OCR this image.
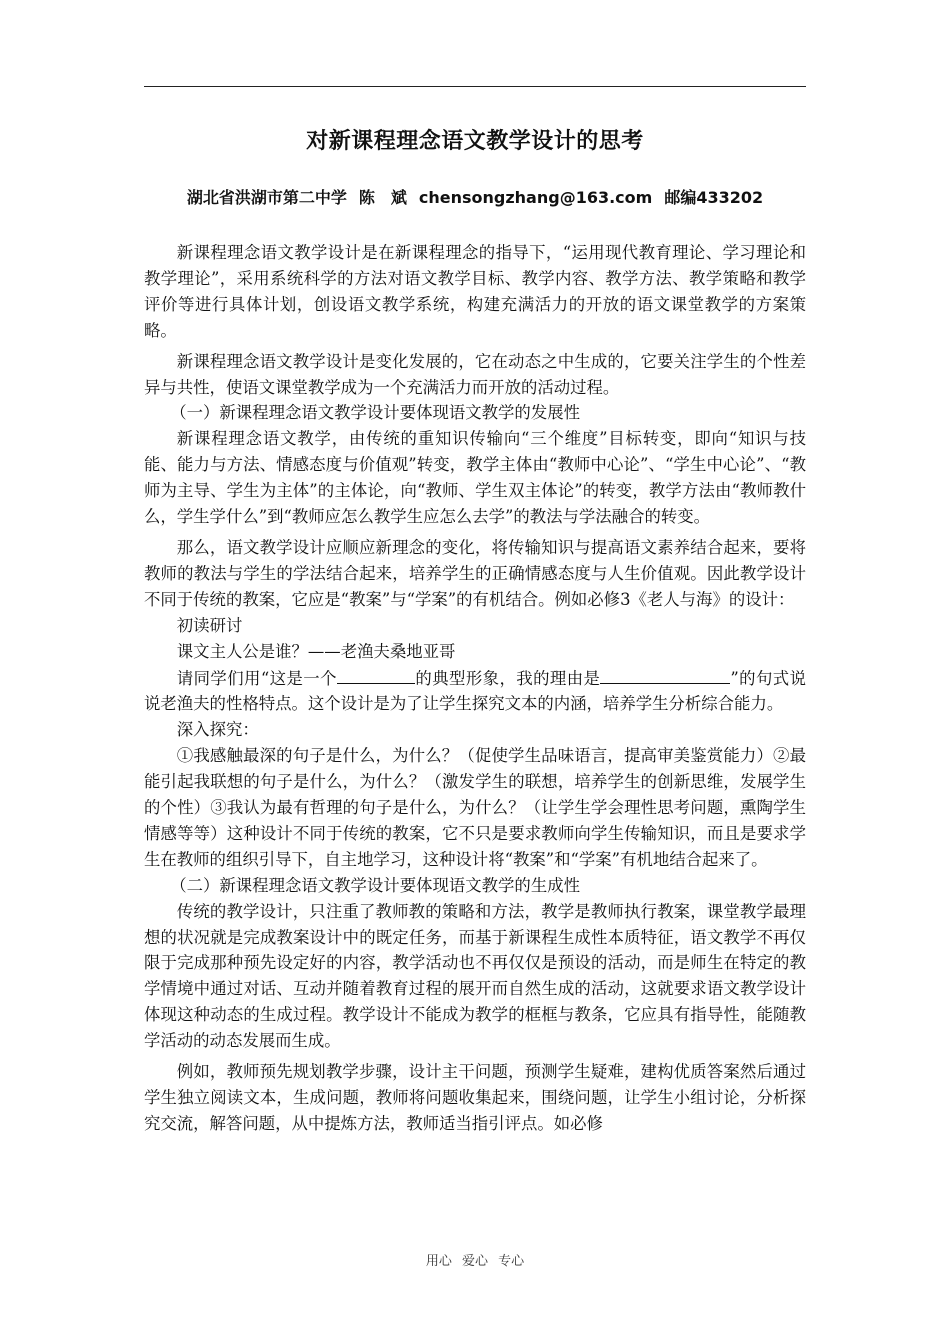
对新课程理念语文教学设计的思考

湖北省洪湖市第二中学 陈　斌 chensongzhang@163.com 邮编433202

新课程理念语文教学设计是在新课程理念的指导下，“运用现代教育理论、学习理论和教学理论”，采用系统科学的方法对语文教学目标、教学内容、教学方法、教学策略和教学评价等进行具体计划，创设语文教学系统，构建充满活力的开放的语文课堂教学的方案策略。

新课程理念语文教学设计是变化发展的，它在动态之中生成的，它要关注学生的个性差异与共性，使语文课堂教学成为一个充满活力而开放的活动过程。

（一）新课程理念语文教学设计要体现语文教学的发展性

新课程理念语文教学，由传统的重知识传输向“三个维度”目标转变，即向“知识与技能、能力与方法、情感态度与价值观”转变，教学主体由“教师中心论”、“学生中心论”、“教师为主导、学生为主体”的主体论，向“教师、学生双主体论”的转变，教学方法由“教师教什么，学生学什么”到“教师应怎么教学生应怎么去学”的教法与学法融合的转变。

那么，语文教学设计应顺应新理念的变化，将传输知识与提高语文素养结合起来，要将教师的教法与学生的学法结合起来，培养学生的正确情感态度与人生价值观。因此教学设计不同于传统的教案，它应是“教案”与“学案”的有机结合。例如必修3《老人与海》的设计：

初读研讨

课文主人公是谁？——老渔夫桑地亚哥

请同学们用“这是一个	的典型形象，我的理由是	”的句式说说老渔夫的性格特点。这个设计是为了让学生探究文本的内涵，培养学生分析综合能力。

深入探究：

①我感触最深的句子是什么，为什么？（促使学生品味语言，提高审美鉴赏能力）②最能引起我联想的句子是什么，为什么？（激发学生的联想，培养学生的创新思维，发展学生的个性）③我认为最有哲理的句子是什么，为什么？（让学生学会理性思考问题，熏陶学生情感等等）这种设计不同于传统的教案，它不只是要求教师向学生传输知识，而且是要求学生在教师的组织引导下，自主地学习，这种设计将“教案”和“学案”有机地结合起来了。

（二）新课程理念语文教学设计要体现语文教学的生成性

传统的教学设计，只注重了教师教的策略和方法，教学是教师执行教案，课堂教学最理想的状况就是完成教案设计中的既定任务，而基于新课程生成性本质特征，语文教学不再仅限于完成那种预先设定好的内容，教学活动也不再仅仅是预设的活动，而是师生在特定的教学情境中通过对话、互动并随着教育过程的展开而自然生成的活动，这就要求语文教学设计体现这种动态的生成过程。教学设计不能成为教学的框框与教条，它应具有指导性，能随教学活动的动态发展而生成。

例如，教师预先规划教学步骤，设计主干问题，预测学生疑难，建构优质答案然后通过学生独立阅读文本，生成问题，教师将问题收集起来，围绕问题，让学生小组讨论，分析探究交流，解答问题，从中提炼方法，教师适当指引评点。如必修

用心 爱心 专心
